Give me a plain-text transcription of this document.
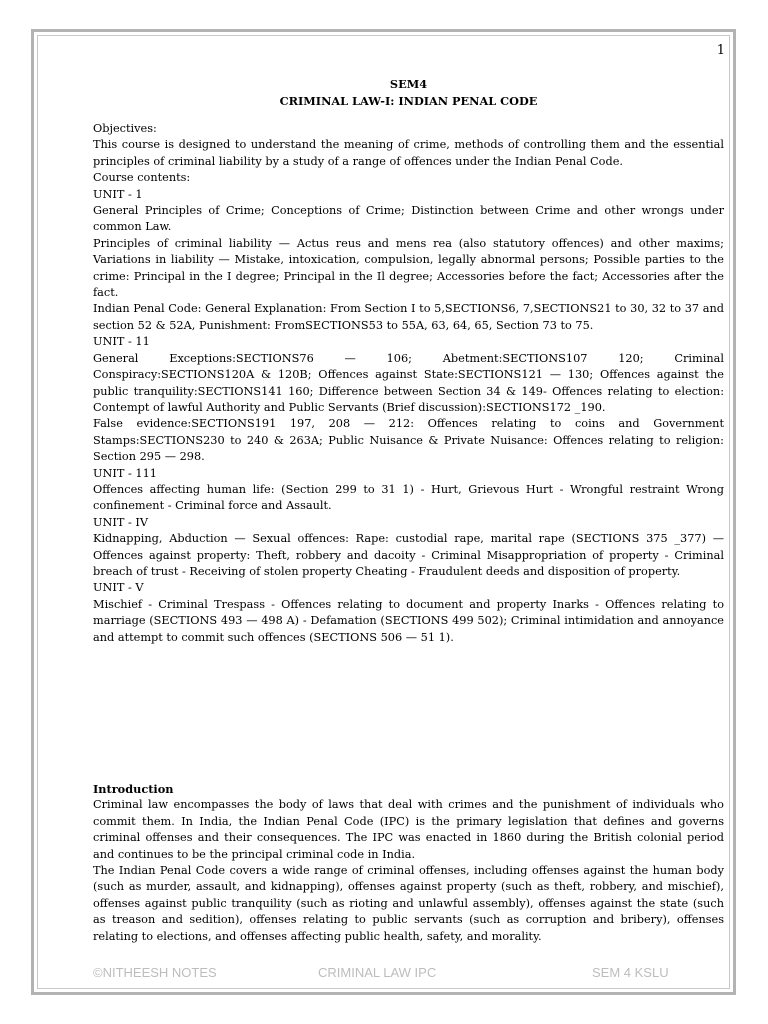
1
SEM4
CRIMINAL LAW-I: INDIAN PENAL CODE

Objectives:

This course is designed to understand the meaning of crime, methods of controlling them and the essential principles of criminal liability by a study of a range of offences under the Indian Penal Code.

Course contents:

UNIT - 1

General Principles of Crime; Conceptions of Crime; Distinction between Crime and other wrongs under common Law.

Principles of criminal liability — Actus reus and mens rea (also statutory offences) and other maxims; Variations in liability — Mistake, intoxication, compulsion, legally abnormal persons; Possible parties to the crime: Principal in the I degree; Principal in the Il degree; Accessories before the fact; Accessories after the fact.

Indian Penal Code: General Explanation: From Section I to 5,SECTIONS6, 7,SECTIONS21 to 30, 32 to 37 and section 52 & 52A, Punishment: FromSECTIONS53 to 55A, 63, 64, 65, Section 73 to 75.

UNIT - 11

General Exceptions:SECTIONS76 — 106; Abetment:SECTIONS107 120; Criminal Conspiracy:SECTIONS120A & 120B; Offences against State:SECTIONS121 — 130; Offences against the public tranquility:SECTIONS141 160; Difference between Section 34 & 149- Offences relating to election: Contempt of lawful Authority and Public Servants (Brief discussion):SECTIONS172 _190.

False evidence:SECTIONS191 197, 208 — 212: Offences relating to coins and Government Stamps:SECTIONS230 to 240 & 263A; Public Nuisance & Private Nuisance: Offences relating to religion: Section 295 — 298.

UNIT - 111

Offences affecting human life: (Section 299 to 31 1) - Hurt, Grievous Hurt - Wrongful restraint Wrong confinement - Criminal force and Assault.

UNIT - IV

Kidnapping, Abduction — Sexual offences: Rape: custodial rape, marital rape (SECTIONS 375 _377) — Offences against property: Theft, robbery and dacoity - Criminal Misappropriation of property - Criminal breach of trust - Receiving of stolen property Cheating - Fraudulent deeds and disposition of property.

UNIT - V

Mischief - Criminal Trespass - Offences relating to document and property Inarks - Offences relating to marriage (SECTIONS 493 — 498 A) - Defamation (SECTIONS 499 502); Criminal intimidation and annoyance and attempt to commit such offences (SECTIONS 506 — 51 1).

Introduction

Criminal law encompasses the body of laws that deal with crimes and the punishment of individuals who commit them. In India, the Indian Penal Code (IPC) is the primary legislation that defines and governs criminal offenses and their consequences. The IPC was enacted in 1860 during the British colonial period and continues to be the principal criminal code in India.

The Indian Penal Code covers a wide range of criminal offenses, including offenses against the human body (such as murder, assault, and kidnapping), offenses against property (such as theft, robbery, and mischief), offenses against public tranquility (such as rioting and unlawful assembly), offenses against the state (such as treason and sedition), offenses relating to public servants (such as corruption and bribery), offenses relating to elections, and offenses affecting public health, safety, and morality.

©NITHEESH NOTES	CRIMINAL LAW IPC	SEM 4 KSLU
